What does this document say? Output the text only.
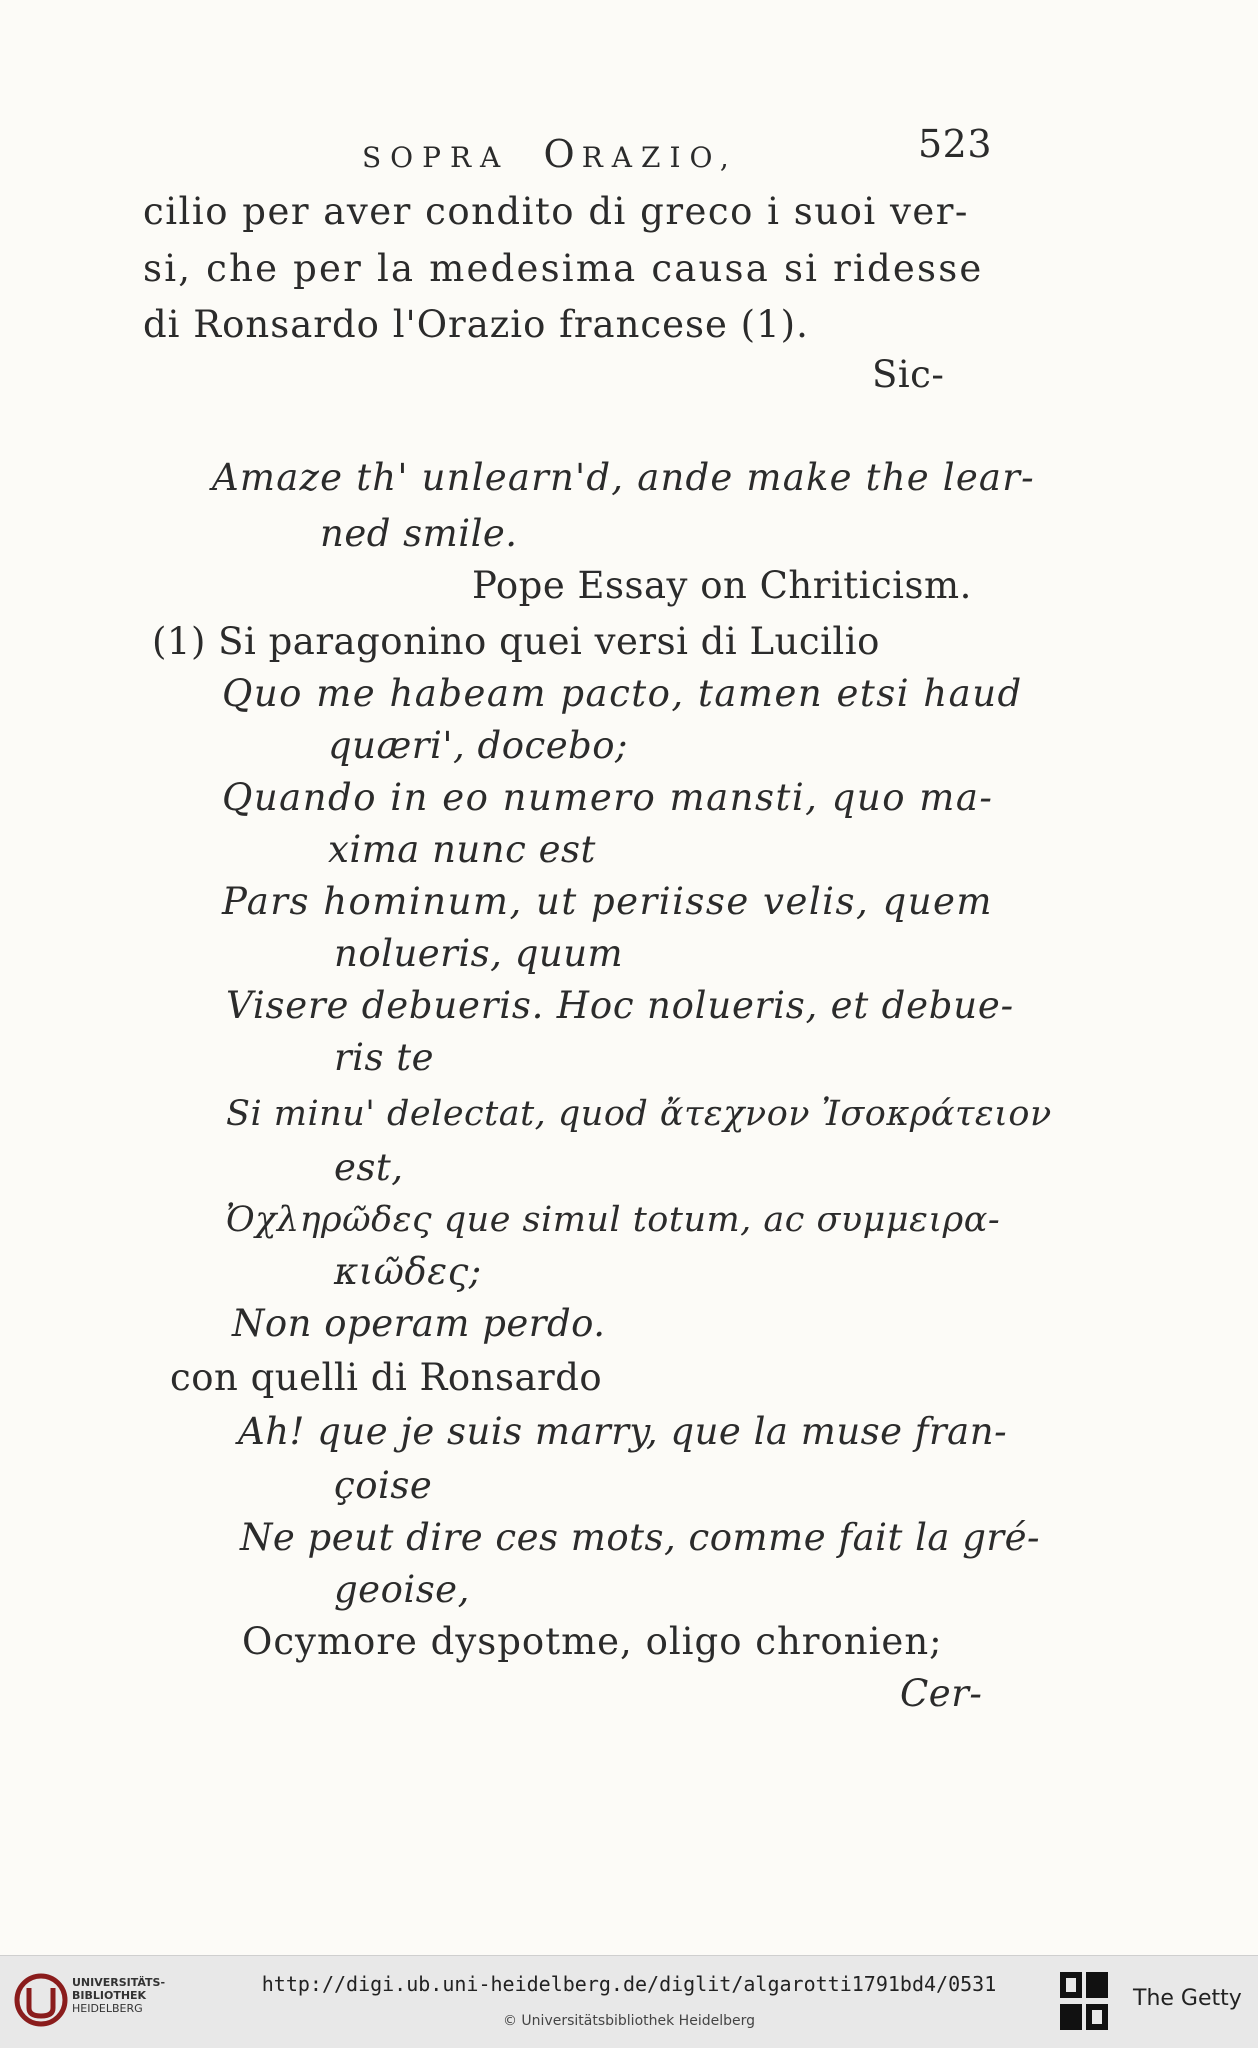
SOPRA ORAZIO,	523
cilio per aver condito di greco i suoi ver-
si, che per la medesima causa si ridesse
di Ronsardo l'Orazio francese (1).
Sic-
Amaze th' unlearn'd, ande make the lear-
ned smile.
Pope Essay on Chriticism.
(1) Si paragonino quei versi di Lucilio
Quo me habeam pacto, tamen etsi haud
quæri', docebo;
Quando in eo numero mansti, quo ma-
xima nunc est
Pars hominum, ut periisse velis, quem
nolueris, quum
Visere debueris. Hoc nolueris, et debue-
ris te
Si minu' delectat, quod ἄτεχνον Ἰσοκράτειον
est,
Ὀχληρῶδες que simul totum, ac συμμειρα-
κιῶδες;
Non operam perdo.
con quelli di Ronsardo
Ah! que je suis marry, que la muse fran-
çoise
Ne peut dire ces mots, comme fait la gré-
geoise,
Ocymore dyspotme, oligo chronien;
Cer-
UNIVERSITÄTS-
BIBLIOTHEK
HEIDELBERG
http://digi.ub.uni-heidelberg.de/diglit/algarotti1791bd4/0531
© Universitätsbibliothek Heidelberg
The Getty
